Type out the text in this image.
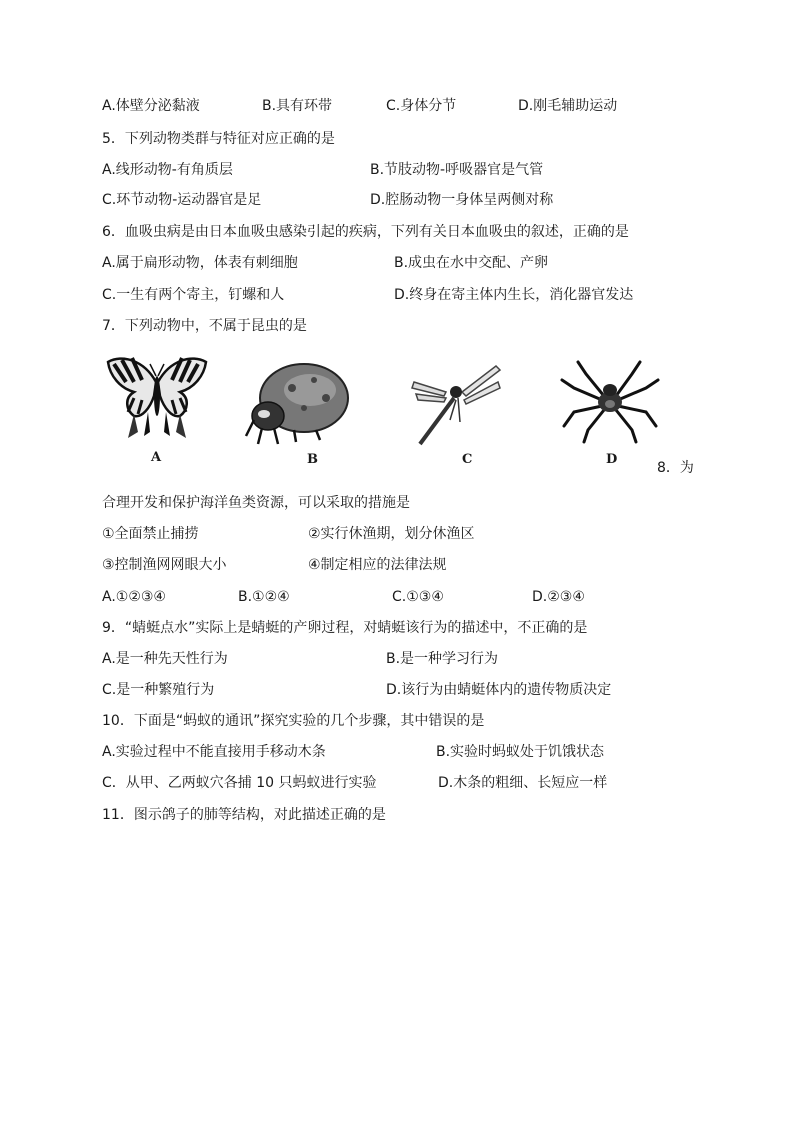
A.体壁分泌黏液	B.具有环带	C.身体分节	D.刚毛辅助运动
5．下列动物类群与特征对应正确的是
A.线形动物-有角质层	B.节肢动物-呼吸器官是气管
C.环节动物-运动器官是足	D.腔肠动物一身体呈两侧对称
6．血吸虫病是由日本血吸虫感染引起的疾病，下列有关日本血吸虫的叙述，正确的是
A.属于扁形动物，体表有刺细胞	B.成虫在水中交配、产卵
C.一生有两个寄主，钉螺和人	D.终身在寄主体内生长，消化器官发达
7．下列动物中，不属于昆虫的是
A	B	C	D
8．为
合理开发和保护海洋鱼类资源，可以采取的措施是
①全面禁止捕捞	②实行休渔期，划分休渔区
③控制渔网网眼大小	④制定相应的法律法规
A.①②③④	B.①②④	C.①③④	D.②③④
9．“蜻蜓点水”实际上是蜻蜓的产卵过程，对蜻蜓该行为的描述中，不正确的是
A.是一种先天性行为	B.是一种学习行为
C.是一种繁殖行为	D.该行为由蜻蜓体内的遗传物质决定
10．下面是“蚂蚁的通讯”探究实验的几个步骤，其中错误的是
A.实验过程中不能直接用手移动木条	B.实验时蚂蚁处于饥饿状态
C．从甲、乙两蚁穴各捕 10 只蚂蚁进行实验	D.木条的粗细、长短应一样
11．图示鸽子的肺等结构，对此描述正确的是
